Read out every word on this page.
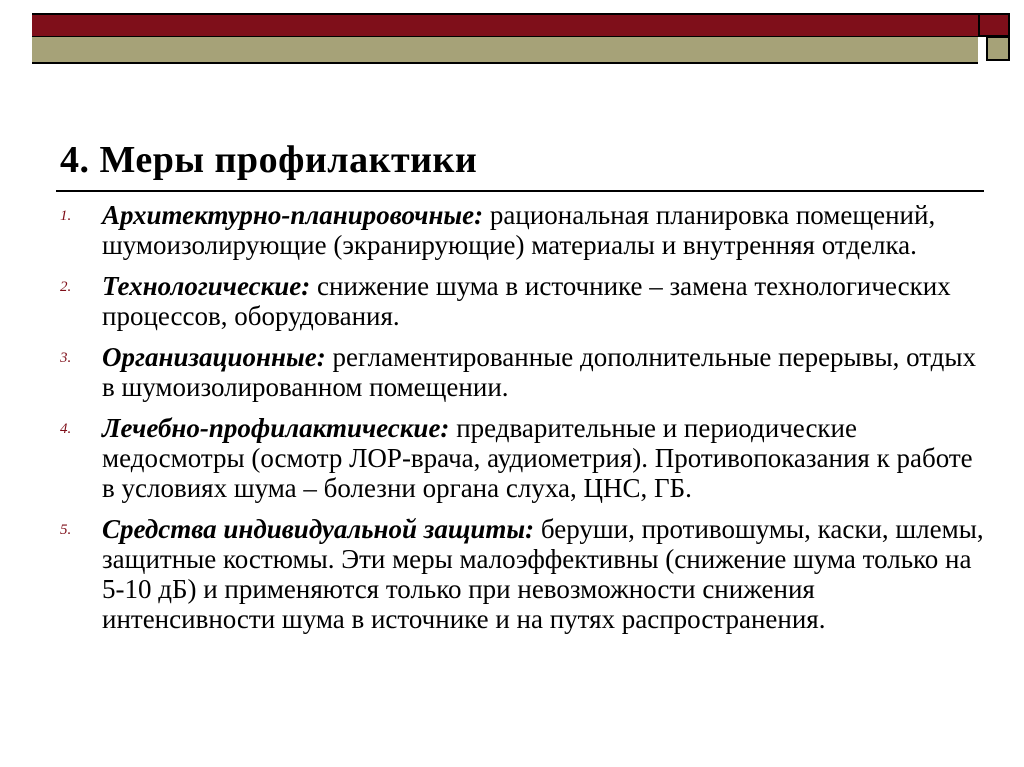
4. Меры профилактики
1. Архитектурно-планировочные: рациональная планировка помещений, шумоизолирующие (экранирующие) материалы и внутренняя отделка.
2. Технологические: снижение шума в источнике – замена технологических процессов, оборудования.
3. Организационные: регламентированные дополнительные перерывы, отдых в шумоизолированном помещении.
4. Лечебно-профилактические: предварительные и периодические медосмотры (осмотр ЛОР-врача, аудиометрия). Противопоказания к работе в условиях шума – болезни органа слуха, ЦНС, ГБ.
5. Средства индивидуальной защиты: беруши, противошумы, каски, шлемы, защитные костюмы. Эти меры малоэффективны (снижение шума только на 5-10 дБ) и применяются только при невозможности снижения интенсивности шума в источнике и на путях распространения.
